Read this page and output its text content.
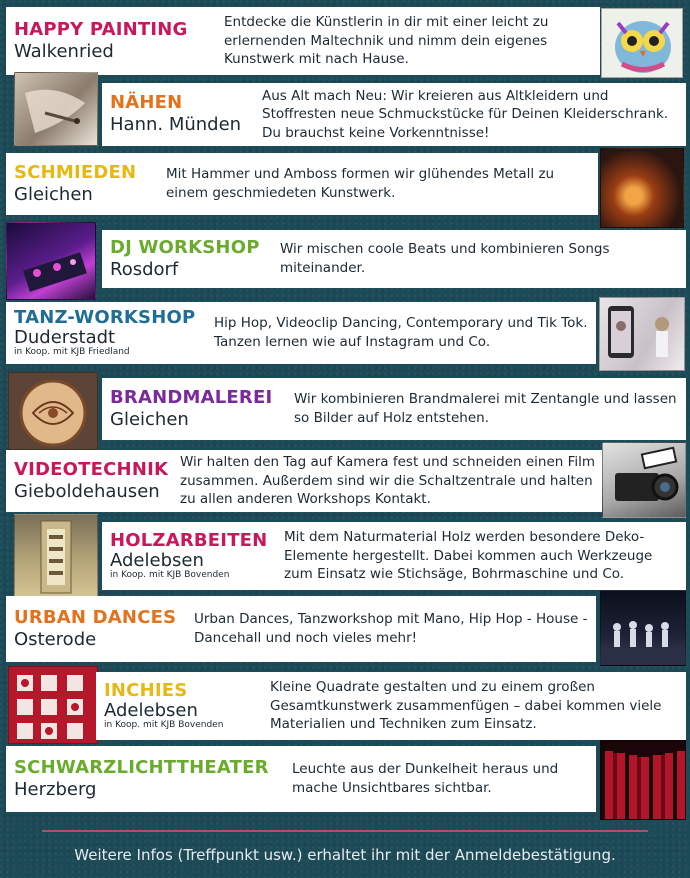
HAPPY PAINTING
Walkenried
Entdecke die Künstlerin in dir mit einer leicht zu erlernenden Maltechnik und nimm dein eigenes Kunstwerk mit nach Hause.
NÄHEN
Hann. Münden
Aus Alt mach Neu: Wir kreieren aus Altkleidern und Stoffresten neue Schmuckstücke für Deinen Kleiderschrank. Du brauchst keine Vorkenntnisse!
SCHMIEDEN
Gleichen
Mit Hammer und Amboss formen wir glühendes Metall zu einem geschmiedeten Kunstwerk.
DJ WORKSHOP
Rosdorf
Wir mischen coole Beats und kombinieren Songs miteinander.
TANZ-WORKSHOP
Duderstadt
in Koop. mit KJB Friedland
Hip Hop, Videoclip Dancing, Contemporary und Tik Tok. Tanzen lernen wie auf Instagram und Co.
BRANDMALEREI
Gleichen
Wir kombinieren Brandmalerei mit Zentangle und lassen so Bilder auf Holz entstehen.
VIDEOTECHNIK
Gieboldehausen
Wir halten den Tag auf Kamera fest und schneiden einen Film zusammen. Außerdem sind wir die Schaltzentrale und halten zu allen anderen Workshops Kontakt.
HOLZARBEITEN
Adelebsen
in Koop. mit KJB Bovenden
Mit dem Naturmaterial Holz werden besondere Deko-Elemente hergestellt. Dabei kommen auch Werkzeuge zum Einsatz wie Stichsäge, Bohrmaschine und Co.
URBAN DANCES
Osterode
Urban Dances, Tanzworkshop mit Mano, Hip Hop - House - Dancehall und noch vieles mehr!
INCHIES
Adelebsen
in Koop. mit KJB Bovenden
Kleine Quadrate gestalten und zu einem großen Gesamtkunstwerk zusammenfügen – dabei kommen viele Materialien und Techniken zum Einsatz.
SCHWARZLICHTTHEATER
Herzberg
Leuchte aus der Dunkelheit heraus und mache Unsichtbares sichtbar.
Weitere Infos (Treffpunkt usw.) erhaltet ihr mit der Anmeldebestätigung.
